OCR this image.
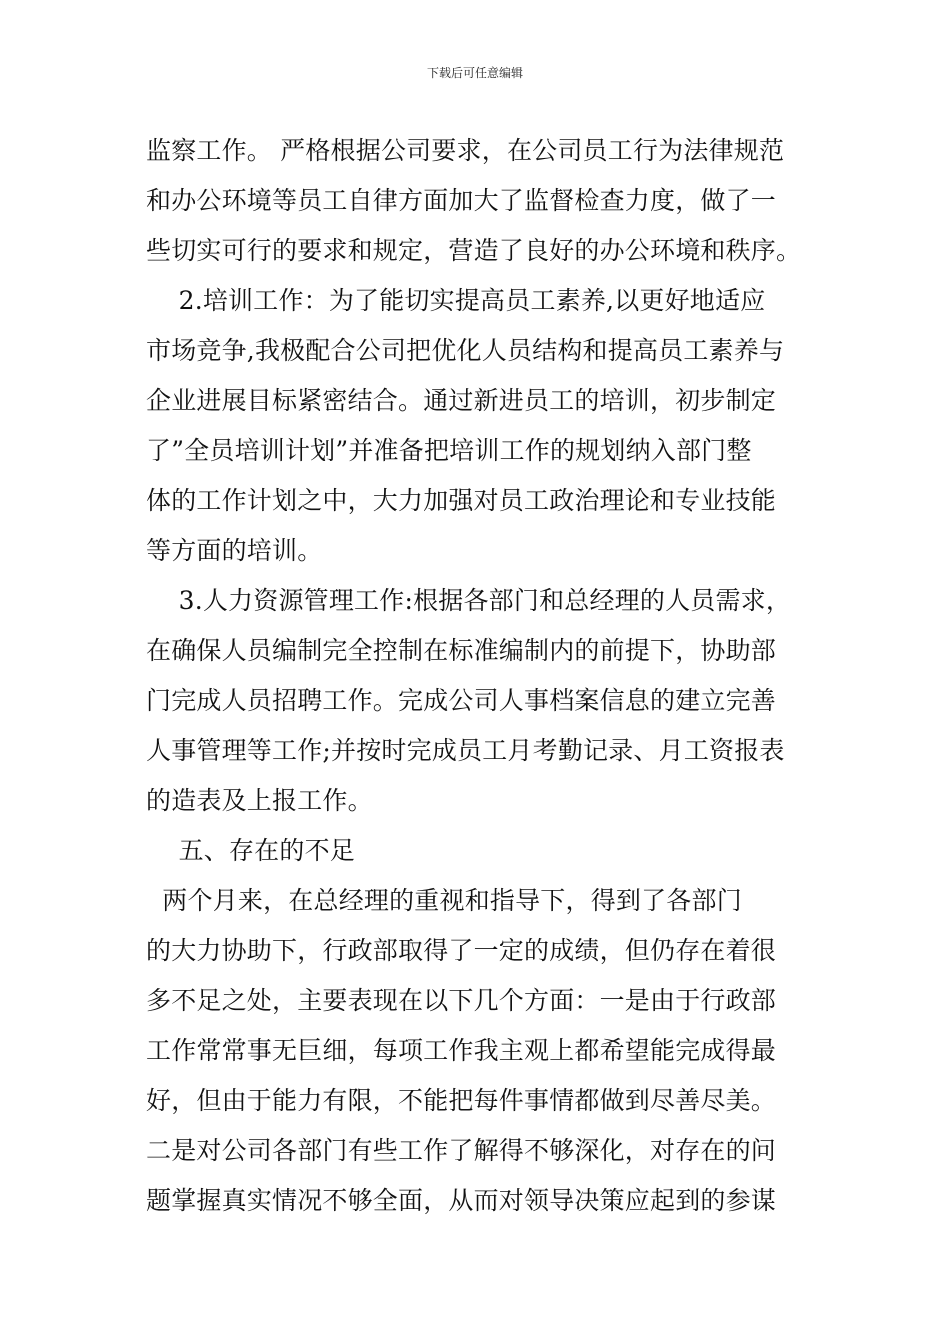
下载后可任意编辑
监察工作。 严格根据公司要求，在公司员工行为法律规范
和办公环境等员工自律方面加大了监督检查力度，做了一
些切实可行的要求和规定，营造了良好的办公环境和秩序。
2.培训工作：为了能切实提高员工素养,以更好地适应
市场竞争,我极配合公司把优化人员结构和提高员工素养与
企业进展目标紧密结合。通过新进员工的培训，初步制定
了”全员培训计划”并准备把培训工作的规划纳入部门整
体的工作计划之中，大力加强对员工政治理论和专业技能
等方面的培训。
3.人力资源管理工作:根据各部门和总经理的人员需求，
在确保人员编制完全控制在标准编制内的前提下，协助部
门完成人员招聘工作。完成公司人事档案信息的建立完善
人事管理等工作;并按时完成员工月考勤记录、月工资报表
的造表及上报工作。
五、存在的不足
两个月来，在总经理的重视和指导下，得到了各部门
的大力协助下，行政部取得了一定的成绩，但仍存在着很
多不足之处，主要表现在以下几个方面：一是由于行政部
工作常常事无巨细，每项工作我主观上都希望能完成得最
好，但由于能力有限，不能把每件事情都做到尽善尽美。
二是对公司各部门有些工作了解得不够深化，对存在的问
题掌握真实情况不够全面，从而对领导决策应起到的参谋
